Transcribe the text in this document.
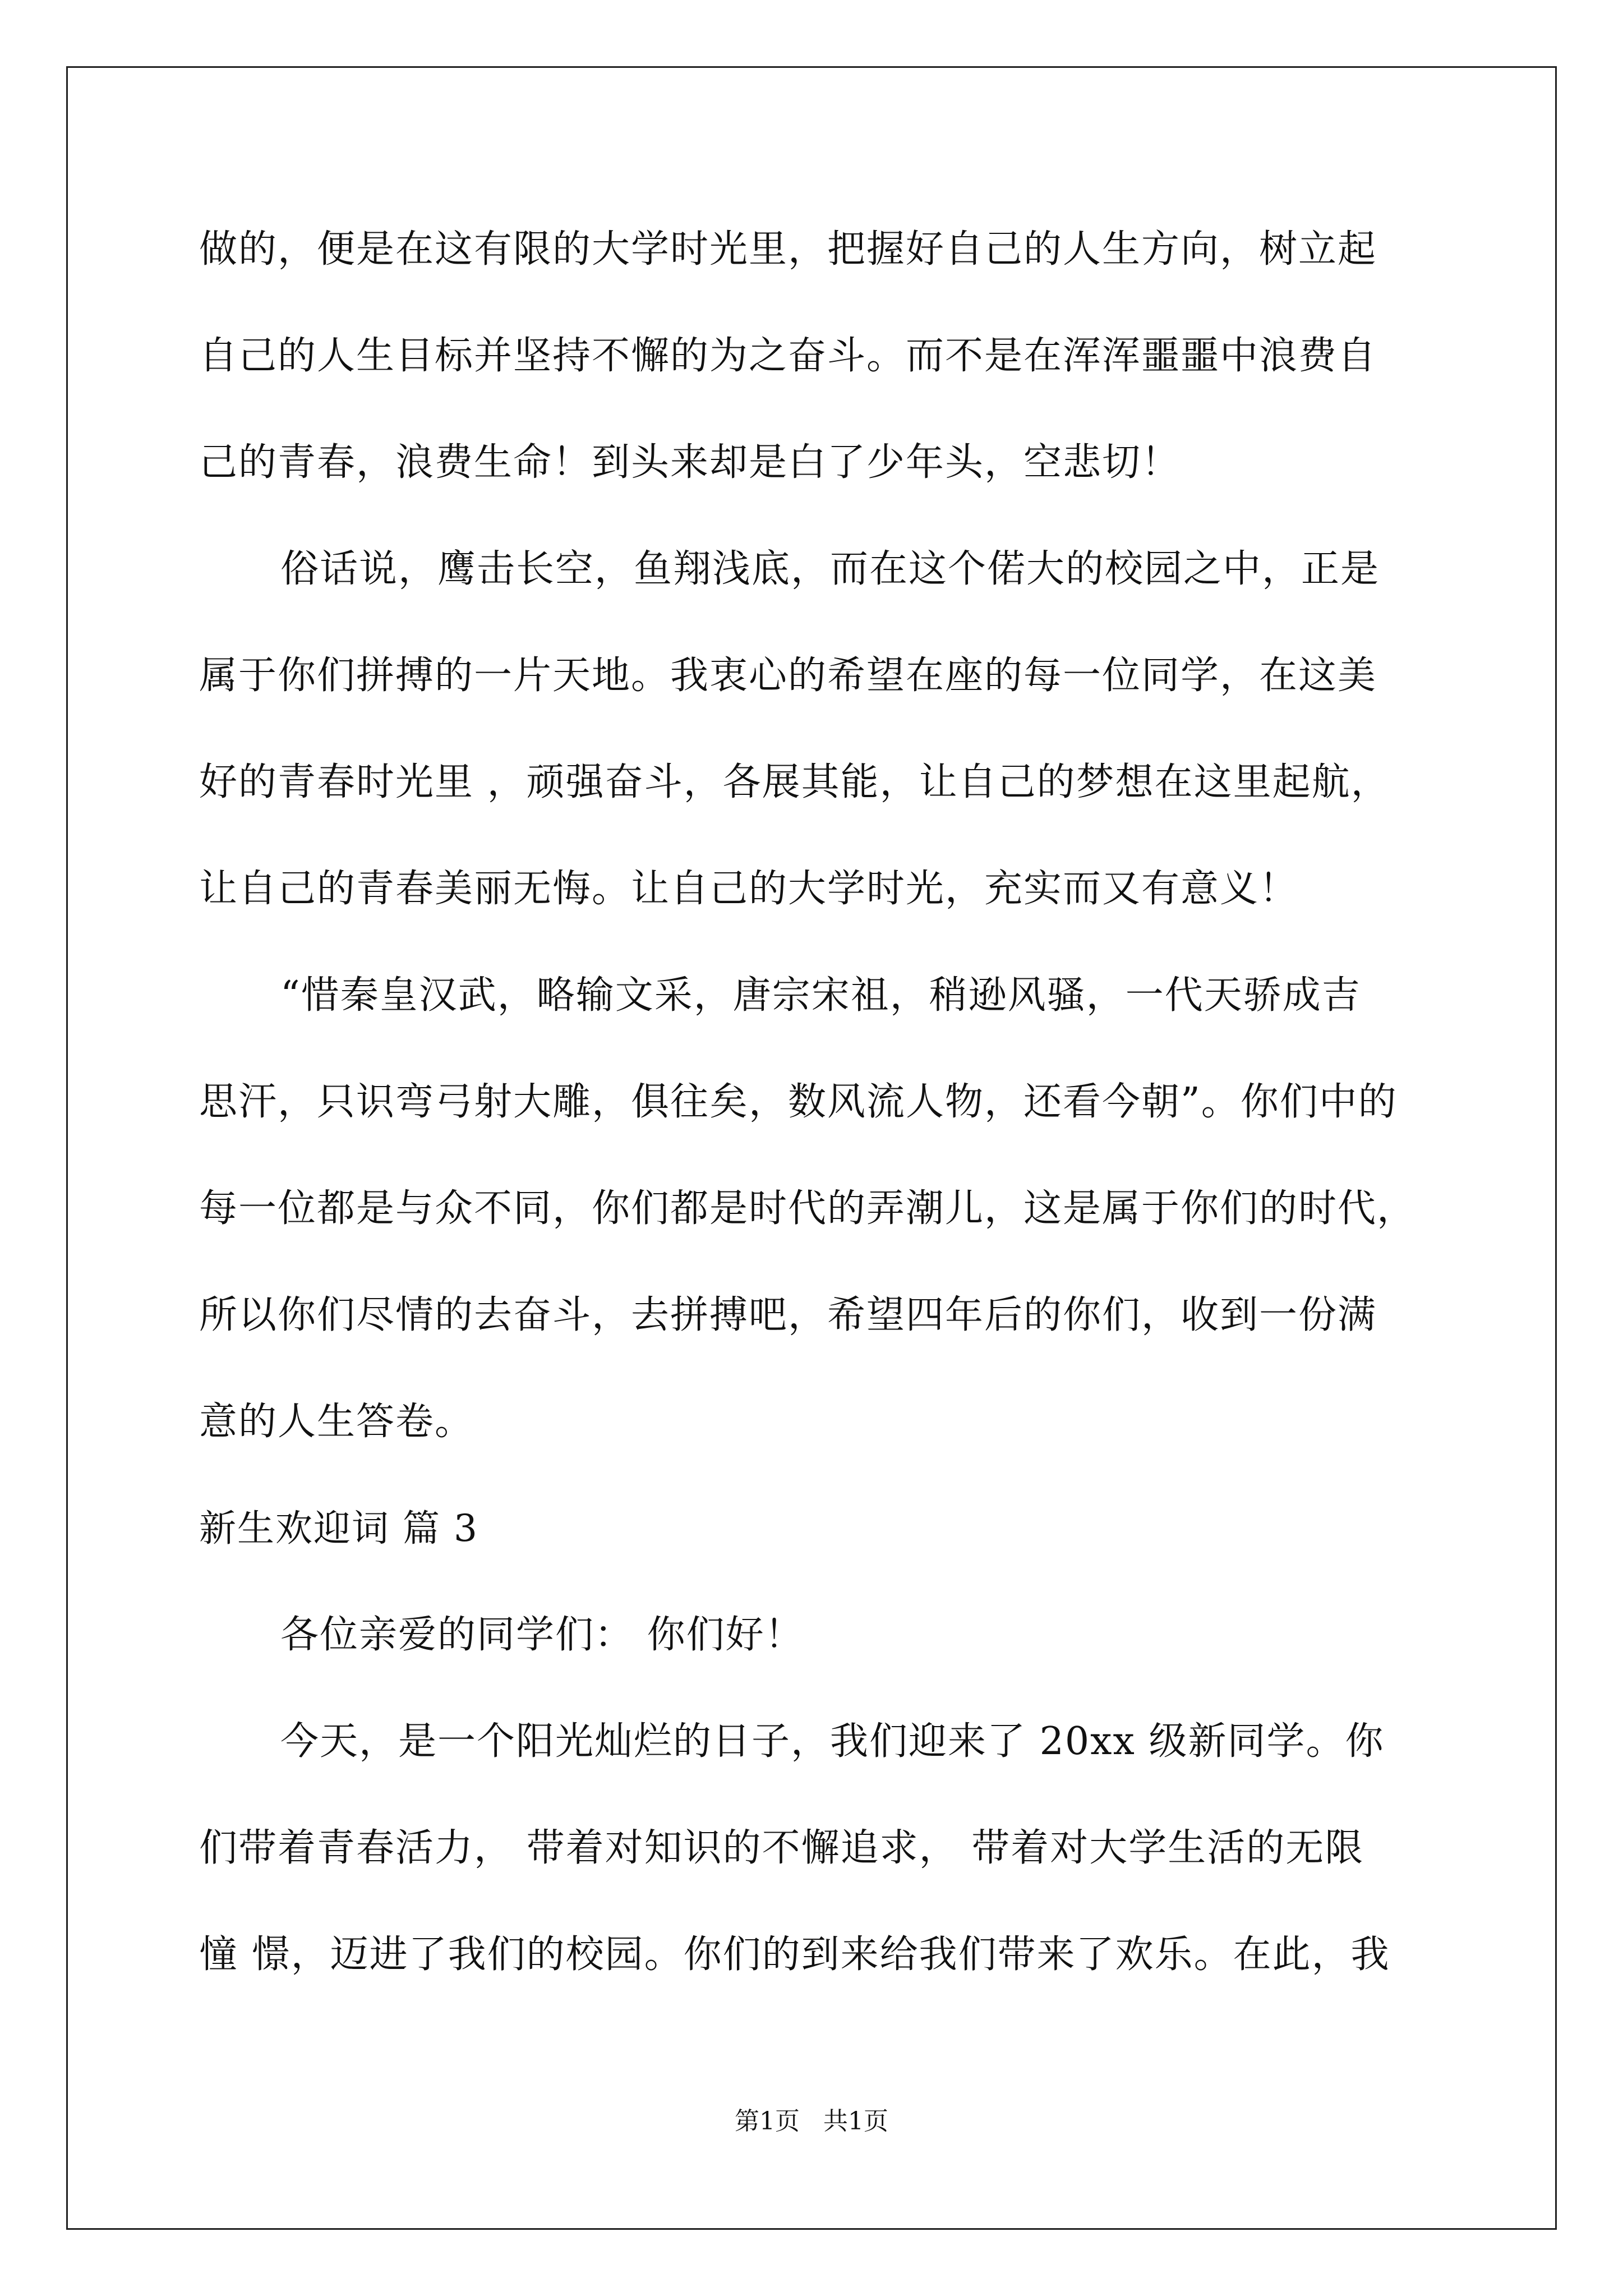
做的，便是在这有限的大学时光里，把握好自己的人生方向，树立起
自己的人生目标并坚持不懈的为之奋斗。而不是在浑浑噩噩中浪费自
己的青春，浪费生命！到头来却是白了少年头，空悲切！
俗话说，鹰击长空，鱼翔浅底，而在这个偌大的校园之中，正是
属于你们拼搏的一片天地。我衷心的希望在座的每一位同学，在这美
好的青春时光里 ，顽强奋斗，各展其能，让自己的梦想在这里起航，
让自己的青春美丽无悔。让自己的大学时光，充实而又有意义！
“惜秦皇汉武，略输文采，唐宗宋祖，稍逊风骚，一代天骄成吉
思汗，只识弯弓射大雕，俱往矣，数风流人物，还看今朝”。你们中的
每一位都是与众不同，你们都是时代的弄潮儿，这是属于你们的时代，
所以你们尽情的去奋斗，去拼搏吧，希望四年后的你们，收到一份满
意的人生答卷。
新生欢迎词 篇 3
各位亲爱的同学们： 你们好！
今天，是一个阳光灿烂的日子，我们迎来了 20xx 级新同学。你
们带着青春活力， 带着对知识的不懈追求， 带着对大学生活的无限
憧 憬，迈进了我们的校园。你们的到来给我们带来了欢乐。在此，我
第1页   共1页
